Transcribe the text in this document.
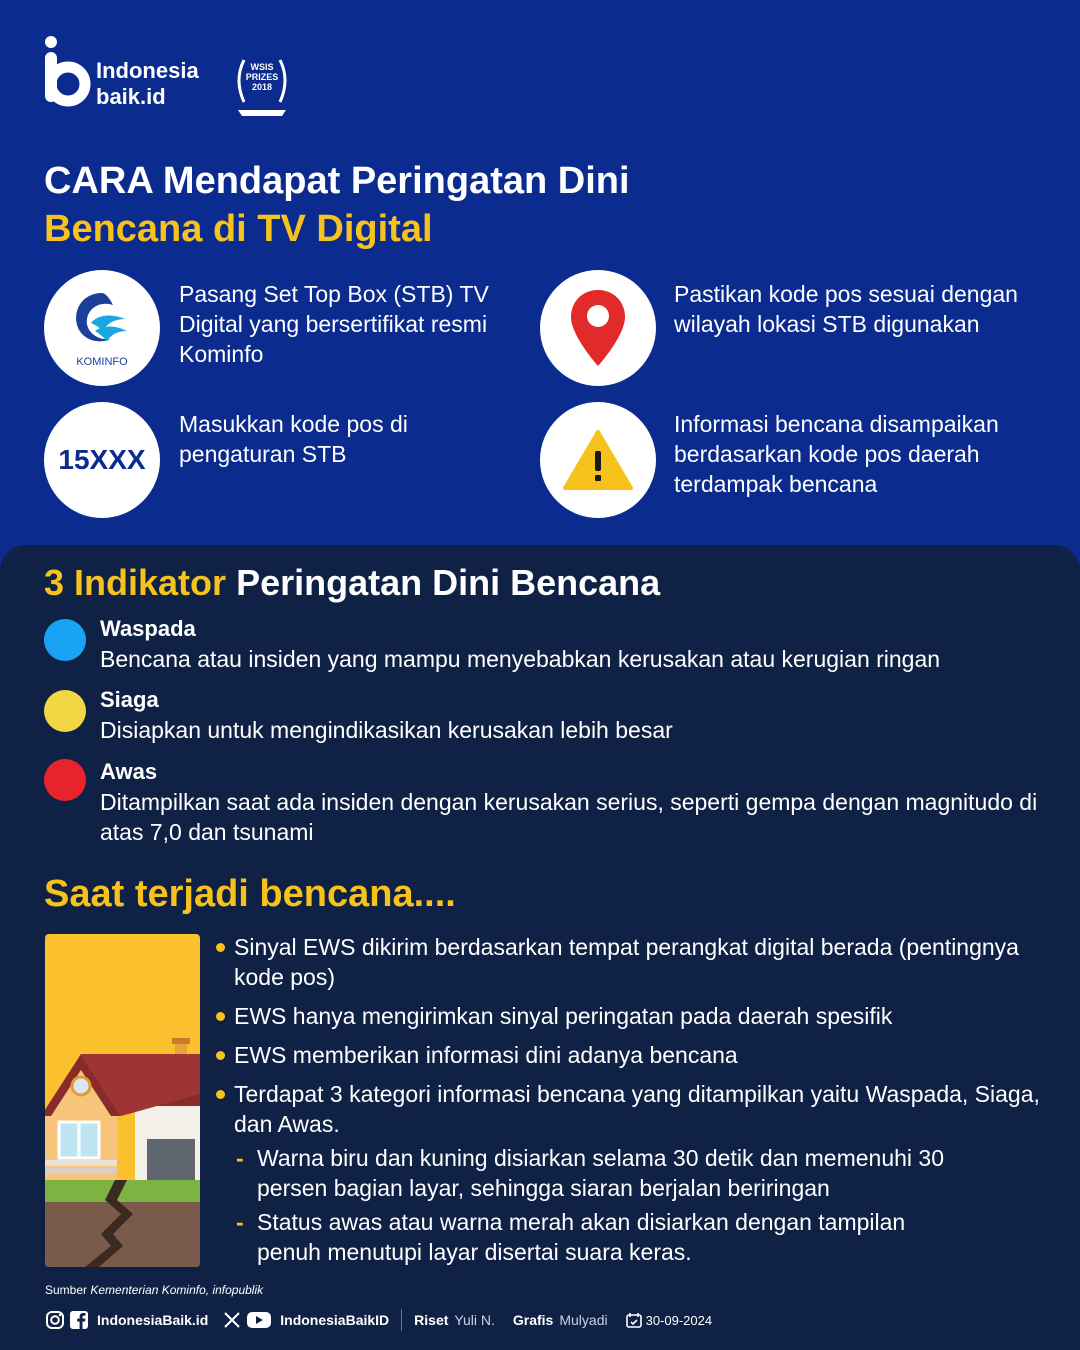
Indonesia
baik.id
WSIS
PRIZES
2018
WINNER
CARA Mendapat Peringatan Dini
Bencana di TV Digital
KOMINFO
Pasang Set Top Box (STB) TV Digital yang bersertifikat resmi Kominfo
Pastikan kode pos sesuai dengan wilayah lokasi STB digunakan
15XXX
Masukkan kode pos di pengaturan STB
Informasi bencana disampaikan berdasarkan kode pos daerah terdampak bencana
3 Indikator Peringatan Dini Bencana
Waspada
Bencana atau insiden yang mampu menyebabkan kerusakan atau kerugian ringan
Siaga
Disiapkan untuk mengindikasikan kerusakan lebih besar
Awas
Ditampilkan saat ada insiden dengan kerusakan serius, seperti gempa dengan magnitudo di atas 7,0 dan tsunami
Saat terjadi bencana....
Sinyal EWS dikirim berdasarkan tempat perangkat digital berada (pentingnya kode pos)
EWS hanya mengirimkan sinyal peringatan pada daerah spesifik
EWS memberikan informasi dini adanya bencana
Terdapat 3 kategori informasi bencana yang ditampilkan yaitu Waspada, Siaga, dan Awas.
- Warna biru dan kuning disiarkan selama 30 detik dan memenuhi 30 persen bagian layar, sehingga siaran berjalan beriringan
- Status awas atau warna merah akan disiarkan dengan tampilan penuh menutupi layar disertai suara keras.
Sumber Kementerian Kominfo, infopublik
IndonesiaBaik.id	IndonesiaBaikID Riset Yuli N. Grafis Mulyadi	30-09-2024
